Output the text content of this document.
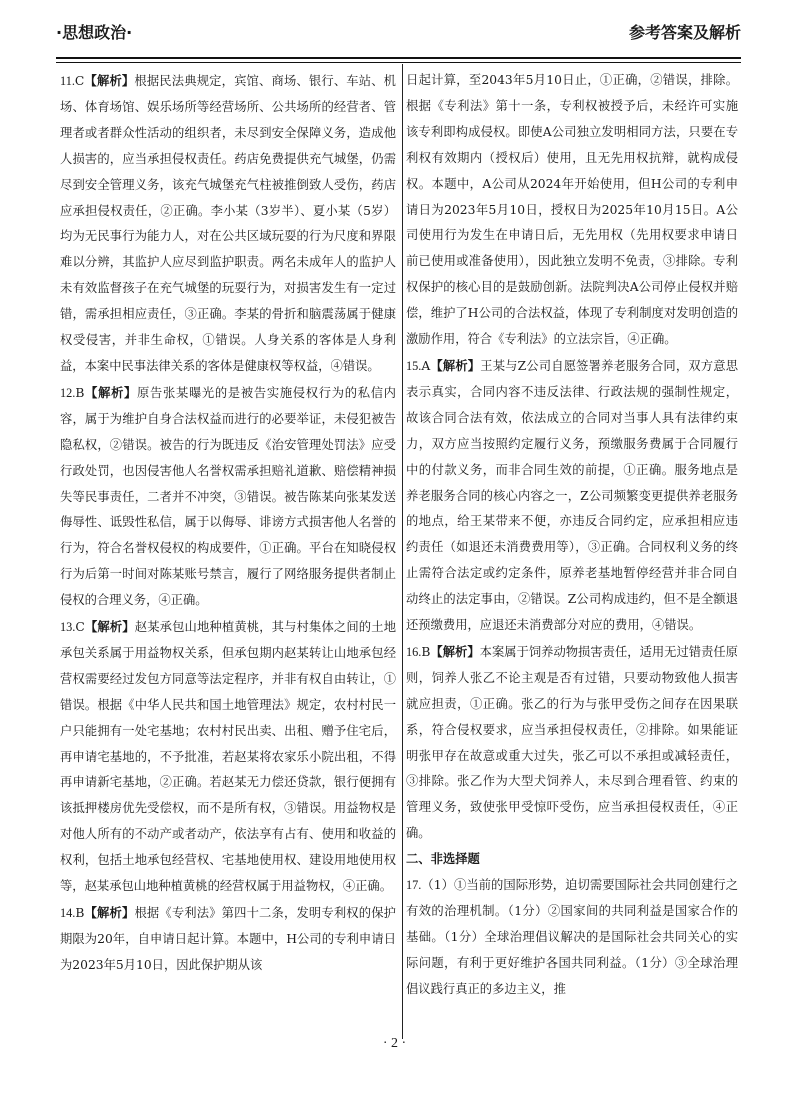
·思想政治·	参考答案及解析

11.C【解析】根据民法典规定，宾馆、商场、银行、车站、机场、体育场馆、娱乐场所等经营场所、公共场所的经营者、管理者或者群众性活动的组织者，未尽到安全保障义务，造成他人损害的，应当承担侵权责任。药店免费提供充气城堡，仍需尽到安全管理义务，该充气城堡充气柱被推倒致人受伤，药店应承担侵权责任，②正确。李小某（3岁半）、夏小某（5岁）均为无民事行为能力人，对在公共区域玩耍的行为尺度和界限难以分辨，其监护人应尽到监护职责。两名未成年人的监护人未有效监督孩子在充气城堡的玩耍行为，对损害发生有一定过错，需承担相应责任，③正确。李某的骨折和脑震荡属于健康权受侵害，并非生命权，①错误。人身关系的客体是人身利益，本案中民事法律关系的客体是健康权等权益，④错误。

12.B【解析】原告张某曝光的是被告实施侵权行为的私信内容，属于为维护自身合法权益而进行的必要举证，未侵犯被告隐私权，②错误。被告的行为既违反《治安管理处罚法》应受行政处罚，也因侵害他人名誉权需承担赔礼道歉、赔偿精神损失等民事责任，二者并不冲突，③错误。被告陈某向张某发送侮辱性、诋毁性私信，属于以侮辱、诽谤方式损害他人名誉的行为，符合名誉权侵权的构成要件，①正确。平台在知晓侵权行为后第一时间对陈某账号禁言，履行了网络服务提供者制止侵权的合理义务，④正确。

13.C【解析】赵某承包山地种植黄桃，其与村集体之间的土地承包关系属于用益物权关系，但承包期内赵某转让山地承包经营权需要经过发包方同意等法定程序，并非有权自由转让，①错误。根据《中华人民共和国土地管理法》规定，农村村民一户只能拥有一处宅基地；农村村民出卖、出租、赠予住宅后，再申请宅基地的，不予批准，若赵某将农家乐小院出租，不得再申请新宅基地，②正确。若赵某无力偿还贷款，银行便拥有该抵押楼房优先受偿权，而不是所有权，③错误。用益物权是对他人所有的不动产或者动产，依法享有占有、使用和收益的权利，包括土地承包经营权、宅基地使用权、建设用地使用权等，赵某承包山地种植黄桃的经营权属于用益物权，④正确。

14.B【解析】根据《专利法》第四十二条，发明专利权的保护期限为20年，自申请日起计算。本题中，H公司的专利申请日为2023年5月10日，因此保护期从该

日起计算，至2043年5月10日止，①正确，②错误，排除。根据《专利法》第十一条，专利权被授予后，未经许可实施该专利即构成侵权。即使A公司独立发明相同方法，只要在专利权有效期内（授权后）使用，且无先用权抗辩，就构成侵权。本题中，A公司从2024年开始使用，但H公司的专利申请日为2023年5月10日，授权日为2025年10月15日。A公司使用行为发生在申请日后，无先用权（先用权要求申请日前已使用或准备使用），因此独立发明不免责，③排除。专利权保护的核心目的是鼓励创新。法院判决A公司停止侵权并赔偿，维护了H公司的合法权益，体现了专利制度对发明创造的激励作用，符合《专利法》的立法宗旨，④正确。

15.A【解析】王某与Z公司自愿签署养老服务合同，双方意思表示真实，合同内容不违反法律、行政法规的强制性规定，故该合同合法有效，依法成立的合同对当事人具有法律约束力，双方应当按照约定履行义务，预缴服务费属于合同履行中的付款义务，而非合同生效的前提，①正确。服务地点是养老服务合同的核心内容之一，Z公司频繁变更提供养老服务的地点，给王某带来不便，亦违反合同约定，应承担相应违约责任（如退还未消费费用等），③正确。合同权利义务的终止需符合法定或约定条件，原养老基地暂停经营并非合同自动终止的法定事由，②错误。Z公司构成违约，但不是全额退还预缴费用，应退还未消费部分对应的费用，④错误。

16.B【解析】本案属于饲养动物损害责任，适用无过错责任原则，饲养人张乙不论主观是否有过错，只要动物致他人损害就应担责，①正确。张乙的行为与张甲受伤之间存在因果联系，符合侵权要求，应当承担侵权责任，②排除。如果能证明张甲存在故意或重大过失，张乙可以不承担或减轻责任，③排除。张乙作为大型犬饲养人，未尽到合理看管、约束的管理义务，致使张甲受惊吓受伤，应当承担侵权责任，④正确。

二、非选择题

17.（1）①当前的国际形势，迫切需要国际社会共同创建行之有效的治理机制。（1分）②国家间的共同利益是国家合作的基础。（1分）全球治理倡议解决的是国际社会共同关心的实际问题，有利于更好维护各国共同利益。（1分）③全球治理倡议践行真正的多边主义，推

· 2 ·
